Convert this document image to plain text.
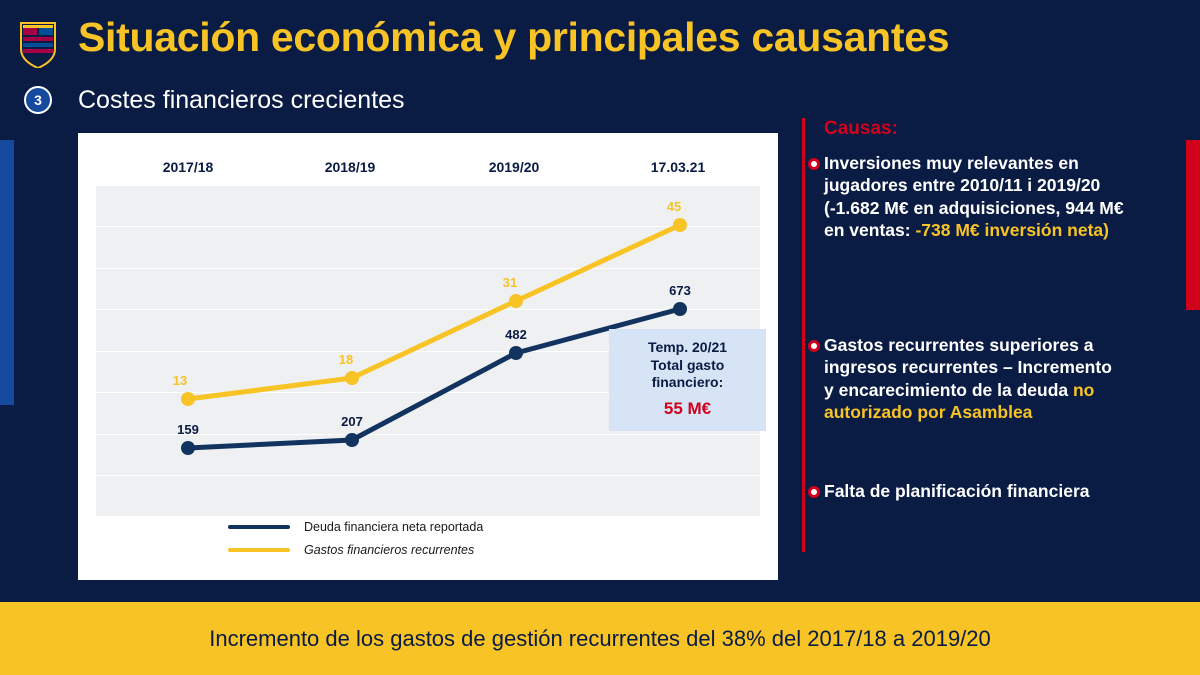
Situación económica y principales causantes
3	Costes financieros crecientes
2017/18	2018/19	2019/20	17.03.21
159
207
482
673
13
18
31
45
Temp. 20/21
Total gasto
financiero:
55 M€
Deuda financiera neta reportada
Gastos financieros recurrentes
Causas:
Inversiones muy relevantes en jugadores entre 2010/11 i 2019/20 (-1.682 M€ en adquisiciones, 944 M€ en ventas: -738 M€ inversión neta)
Gastos recurrentes superiores a ingresos recurrentes – Incremento y encarecimiento de la deuda no autorizado por Asamblea
Falta de planificación financiera
Incremento de los gastos de gestión recurrentes del 38% del 2017/18 a 2019/20
